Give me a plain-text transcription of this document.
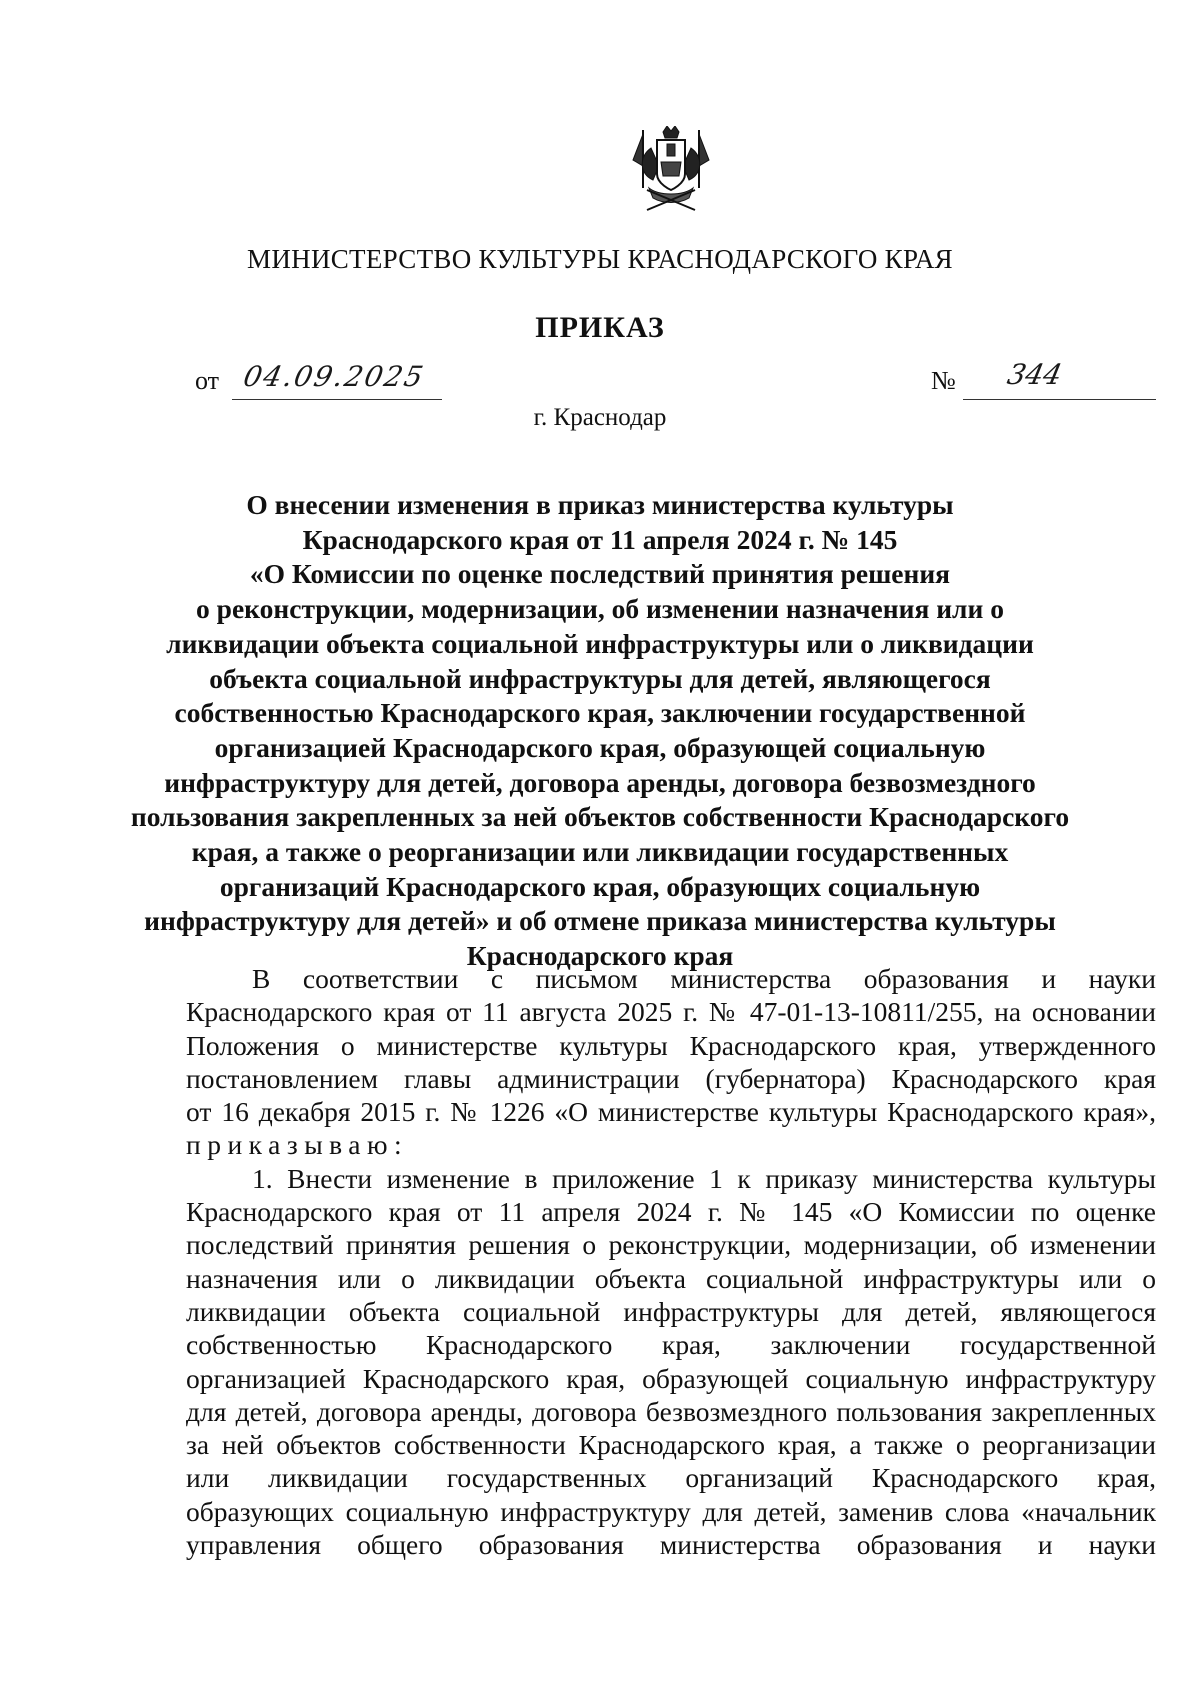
МИНИСТЕРСТВО КУЛЬТУРЫ КРАСНОДАРСКОГО КРАЯ
ПРИКАЗ
от 04.09.2025	№ 344
г. Краснодар
О внесении изменения в приказ министерства культуры
Краснодарского края от 11 апреля 2024 г. № 145
«О Комиссии по оценке последствий принятия решения
о реконструкции, модернизации, об изменении назначения или о
ликвидации объекта социальной инфраструктуры или о ликвидации
объекта социальной инфраструктуры для детей, являющегося
собственностью Краснодарского края, заключении государственной
организацией Краснодарского края, образующей социальную
инфраструктуру для детей, договора аренды, договора безвозмездного
пользования закрепленных за ней объектов собственности Краснодарского
края, а также о реорганизации или ликвидации государственных
организаций Краснодарского края, образующих социальную
инфраструктуру для детей» и об отмене приказа министерства культуры
Краснодарского края
В соответствии с письмом министерства образования и науки
Краснодарского края от 11 августа 2025 г. № 47-01-13-10811/255, на основании
Положения о министерстве культуры Краснодарского края, утвержденного
постановлением главы администрации (губернатора) Краснодарского края
от 16 декабря 2015 г. № 1226 «О министерстве культуры Краснодарского края»,
приказываю:
1. Внести изменение в приложение 1 к приказу министерства культуры
Краснодарского края от 11 апреля 2024 г. № 145 «О Комиссии по оценке
последствий принятия решения о реконструкции, модернизации, об изменении
назначения или о ликвидации объекта социальной инфраструктуры или о
ликвидации объекта социальной инфраструктуры для детей, являющегося
собственностью Краснодарского края, заключении государственной
организацией Краснодарского края, образующей социальную инфраструктуру
для детей, договора аренды, договора безвозмездного пользования закрепленных
за ней объектов собственности Краснодарского края, а также о реорганизации
или ликвидации государственных организаций Краснодарского края,
образующих социальную инфраструктуру для детей, заменив слова «начальник
управления общего образования министерства образования и науки
